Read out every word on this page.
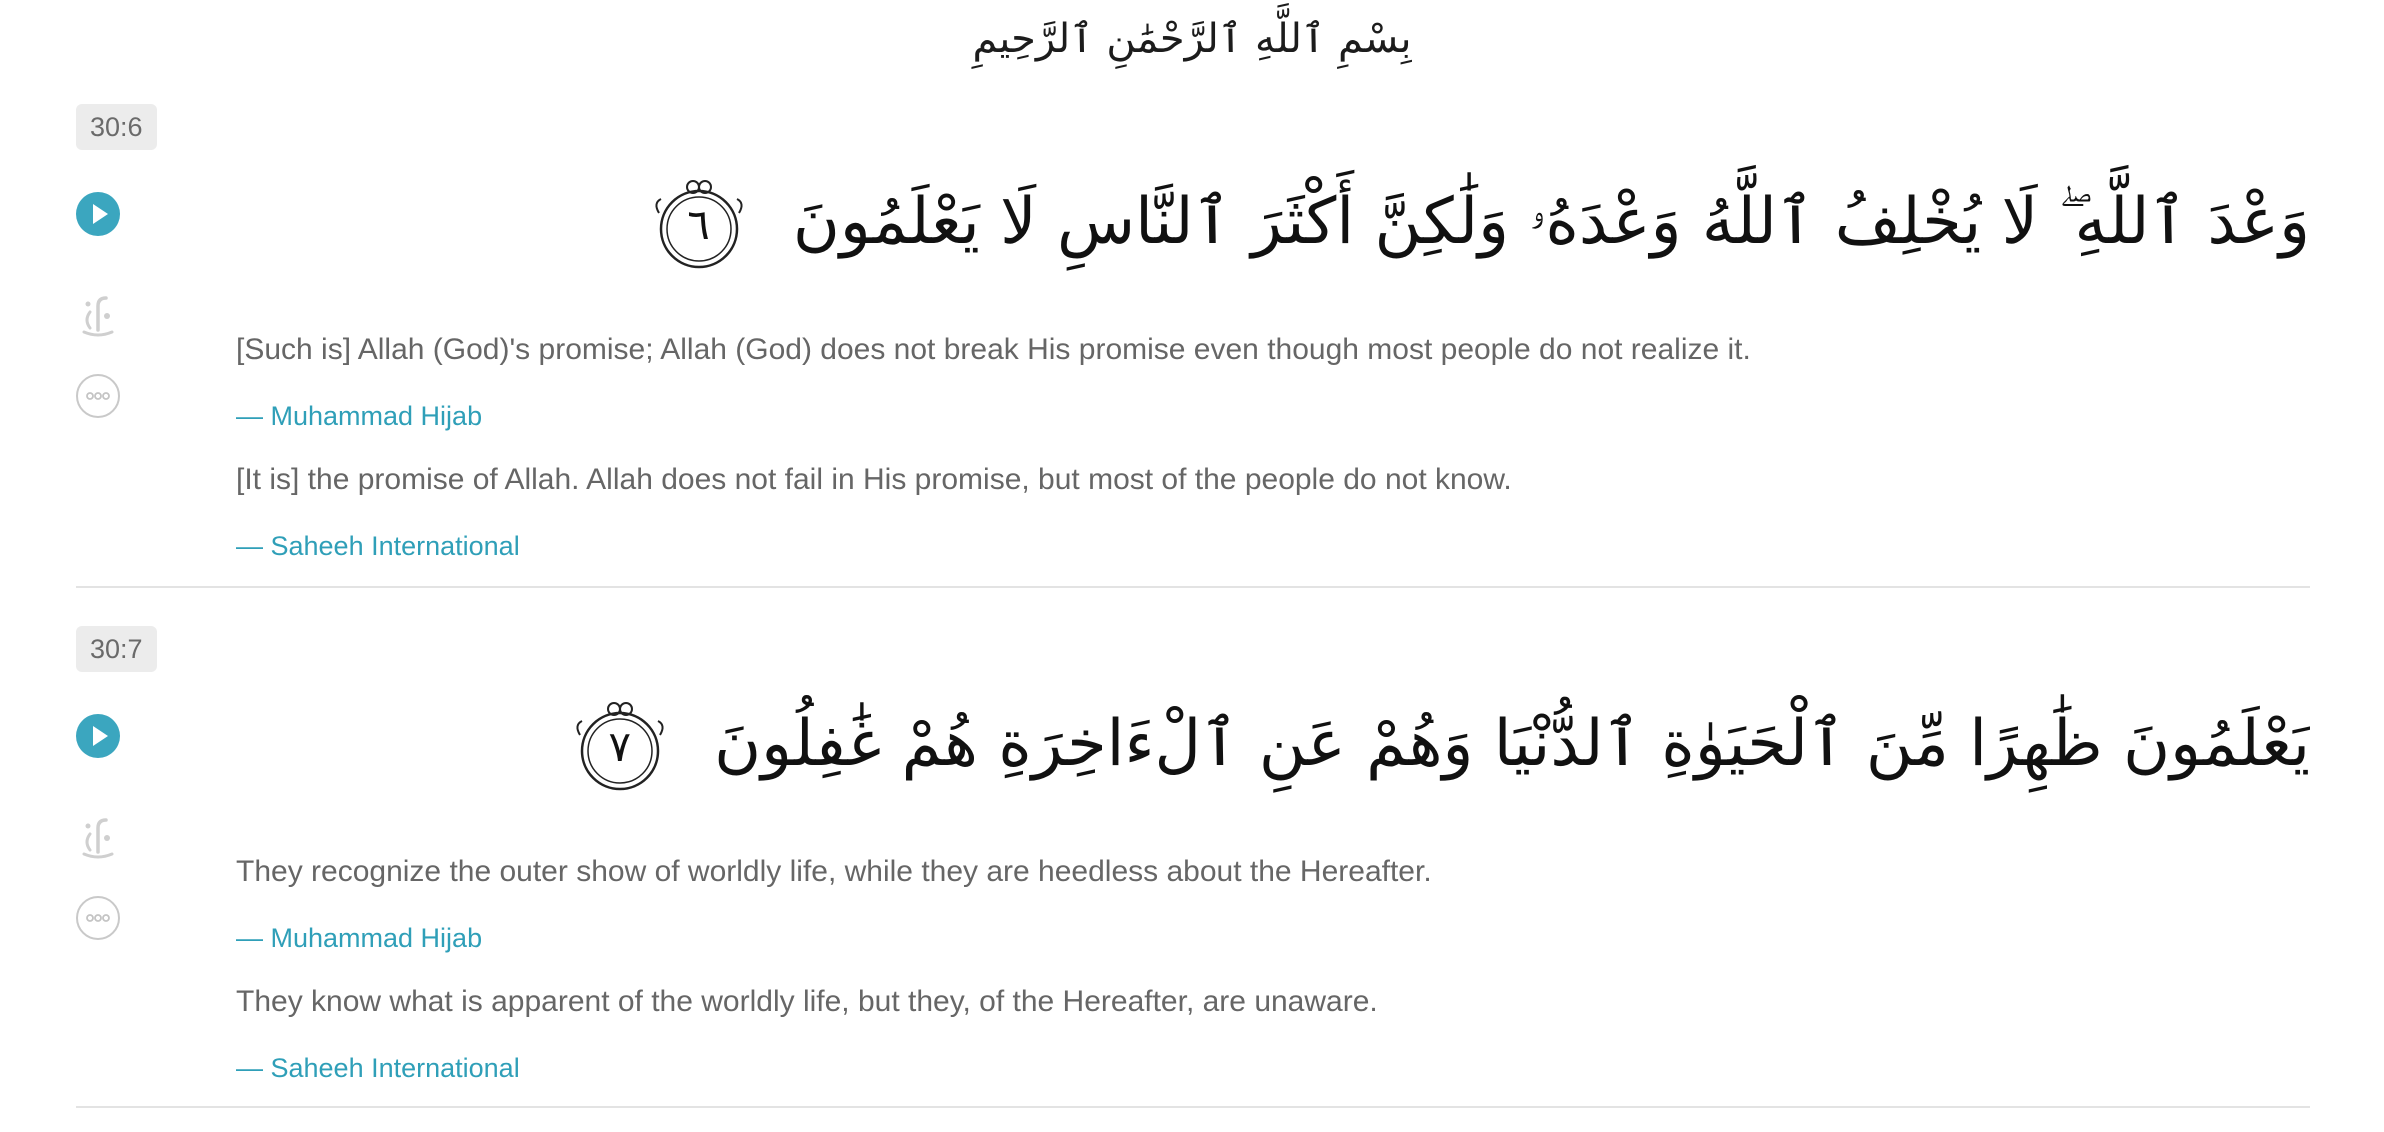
بِسْمِ ٱللَّهِ ٱلرَّحْمَٰنِ ٱلرَّحِيمِ
30:6
وَعْدَ ٱللَّهِ ۖ لَا يُخْلِفُ ٱللَّهُ وَعْدَهُۥ وَلَٰكِنَّ أَكْثَرَ ٱلنَّاسِ لَا يَعْلَمُونَ
٦
[Such is] Allah (God)'s promise; Allah (God) does not break His promise even though most people do not realize it.
— Muhammad Hijab
[It is] the promise of Allah. Allah does not fail in His promise, but most of the people do not know.
— Saheeh International
30:7
يَعْلَمُونَ ظَٰهِرًا مِّنَ ٱلْحَيَوٰةِ ٱلدُّنْيَا وَهُمْ عَنِ ٱلْءَاخِرَةِ هُمْ غَٰفِلُونَ
٧
They recognize the outer show of worldly life, while they are heedless about the Hereafter.
— Muhammad Hijab
They know what is apparent of the worldly life, but they, of the Hereafter, are unaware.
— Saheeh International
